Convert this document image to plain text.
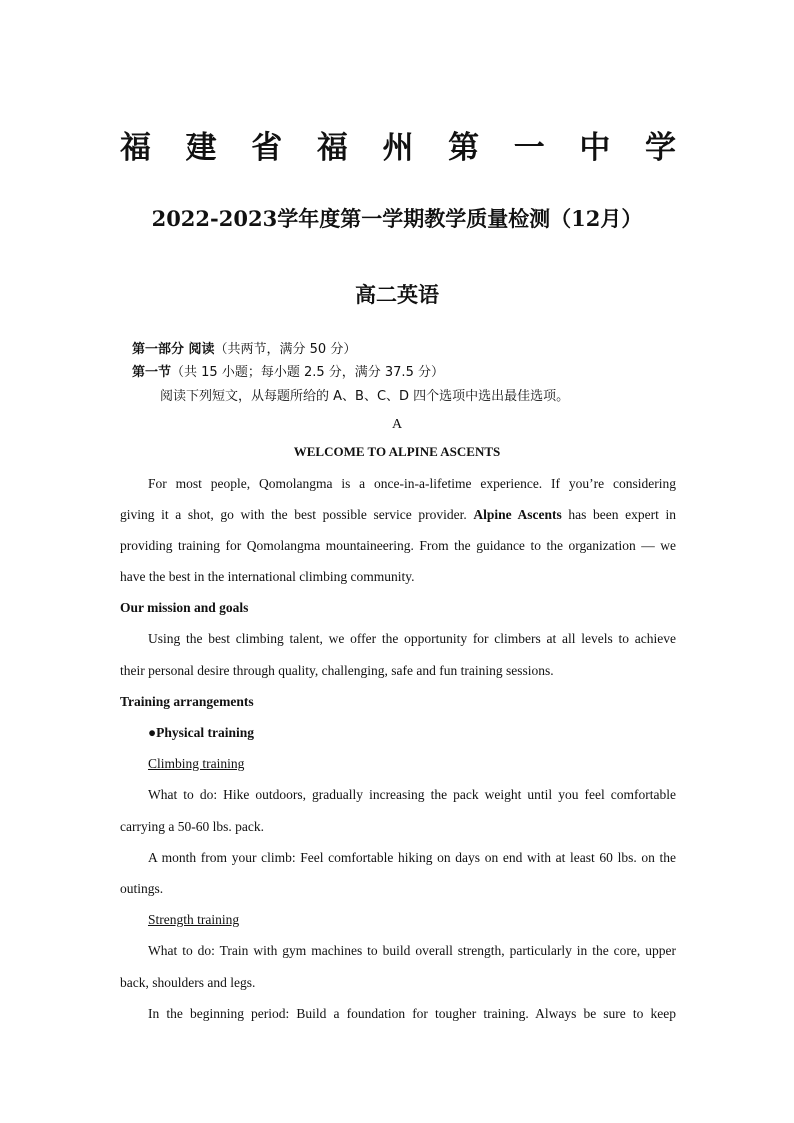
福 建 省 福 州 第 一 中 学
2022-2023学年度第一学期教学质量检测（12月）
高二英语
第一部分 阅读（共两节，满分 50 分）
第一节（共 15 小题；每小题 2.5 分，满分 37.5 分）
阅读下列短文，从每题所给的 A、B、C、D 四个选项中选出最佳选项。
A
WELCOME TO ALPINE ASCENTS
For most people, Qomolangma is a once-in-a-lifetime experience. If you’re considering
giving it a shot, go with the best possible service provider. Alpine Ascents has been expert in
providing training for Qomolangma mountaineering. From the guidance to the organization — we
have the best in the international climbing community.
Our mission and goals
Using the best climbing talent, we offer the opportunity for climbers at all levels to achieve
their personal desire through quality, challenging, safe and fun training sessions.
Training arrangements
●Physical training
Climbing training
What to do: Hike outdoors, gradually increasing the pack weight until you feel comfortable
carrying a 50-60 lbs. pack.
A month from your climb: Feel comfortable hiking on days on end with at least 60 lbs. on the
outings.
Strength training
What to do: Train with gym machines to build overall strength, particularly in the core, upper
back, shoulders and legs.
In the beginning period: Build a foundation for tougher training. Always be sure to keep
